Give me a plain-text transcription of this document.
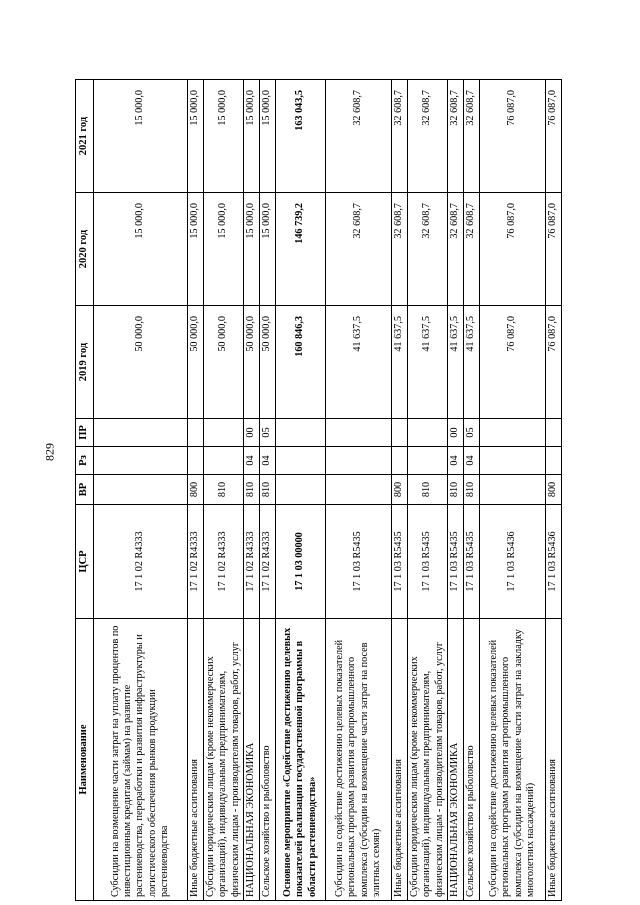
829
Наименование	ЦСР	ВР	Рз	ПР	2019 год	2020 год	2021 год
Субсидии на возмещение части затрат на уплату процентов по инвестиционным кредитам (займам) на развитие растениеводства, переработки и развития инфраструктуры и логистического обеспечения рынков продукции растениеводства	17 1 02 R4333				50 000,0	15 000,0	15 000,0
Иные бюджетные ассигнования	17 1 02 R4333	800			50 000,0	15 000,0	15 000,0
Субсидии юридическим лицам (кроме некоммерческих организаций), индивидуальным предпринимателям, физическим лицам - производителям товаров, работ, услуг	17 1 02 R4333	810			50 000,0	15 000,0	15 000,0
НАЦИОНАЛЬНАЯ ЭКОНОМИКА	17 1 02 R4333	810	04	00	50 000,0	15 000,0	15 000,0
Сельское хозяйство и рыболовство	17 1 02 R4333	810	04	05	50 000,0	15 000,0	15 000,0
Основное мероприятие «Содействие достижению целевых показателей реализации государственной программы в области растениеводства»	17 1 03 00000				160 846,3	146 739,2	163 043,5
Субсидии на содействие достижению целевых показателей региональных программ развития агропромышленного комплекса (субсидии на возмещение части затрат на посев элитных семян)	17 1 03 R5435				41 637,5	32 608,7	32 608,7
Иные бюджетные ассигнования	17 1 03 R5435	800			41 637,5	32 608,7	32 608,7
Субсидии юридическим лицам (кроме некоммерческих организаций), индивидуальным предпринимателям, физическим лицам - производителям товаров, работ, услуг	17 1 03 R5435	810			41 637,5	32 608,7	32 608,7
НАЦИОНАЛЬНАЯ ЭКОНОМИКА	17 1 03 R5435	810	04	00	41 637,5	32 608,7	32 608,7
Сельское хозяйство и рыболовство	17 1 03 R5435	810	04	05	41 637,5	32 608,7	32 608,7
Субсидии на содействие достижению целевых показателей региональных программ развития агропромышленного комплекса (субсидии на возмещение части затрат на закладку многолетних насаждений)	17 1 03 R5436				76 087,0	76 087,0	76 087,0
Иные бюджетные ассигнования	17 1 03 R5436	800			76 087,0	76 087,0	76 087,0
